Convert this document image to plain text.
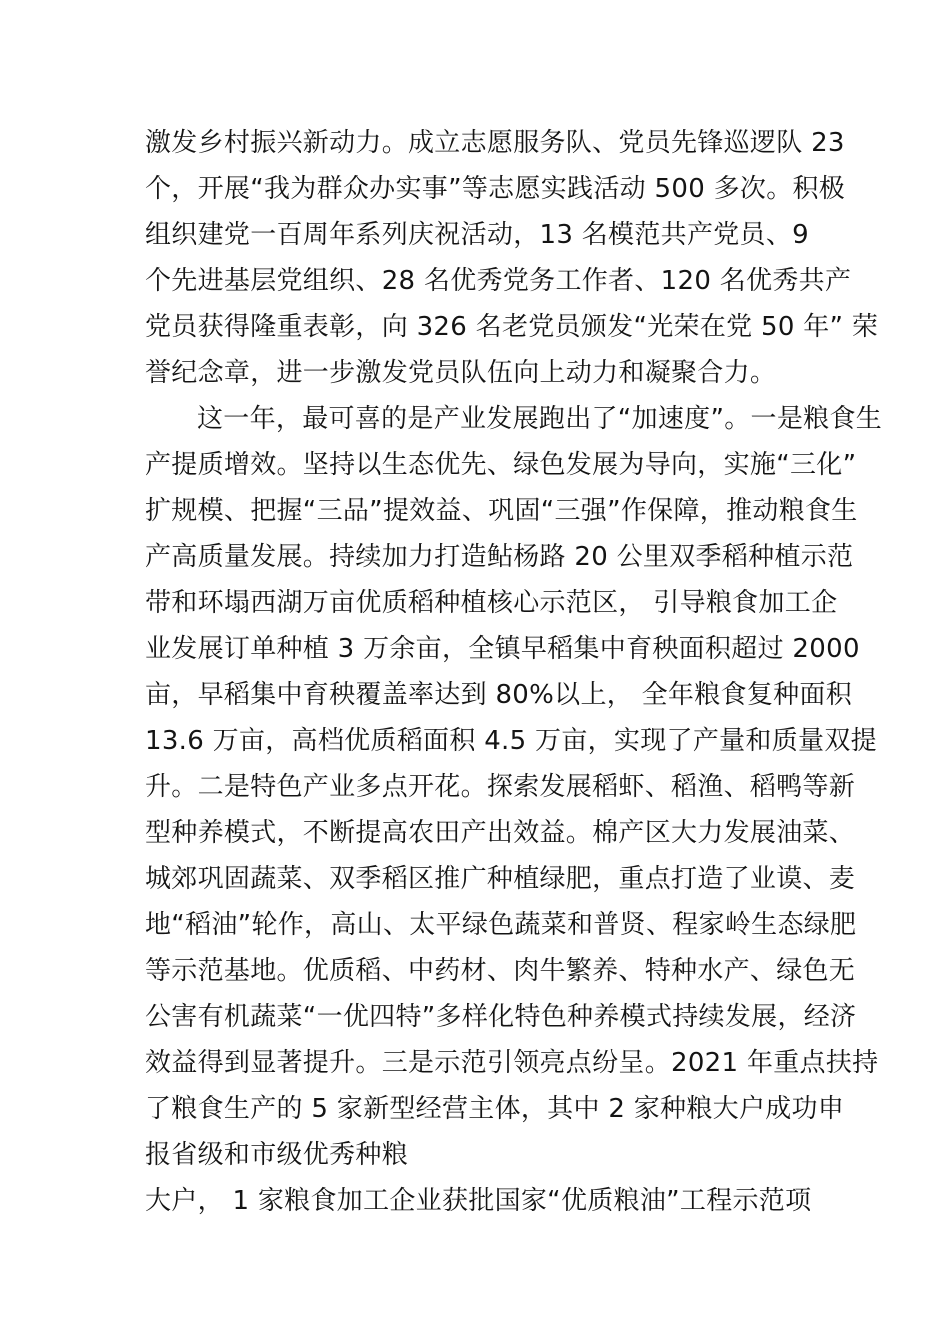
激发乡村振兴新动力。成立志愿服务队、党员先锋巡逻队 23
个，开展“我为群众办实事”等志愿实践活动 500 多次。积极
组织建党一百周年系列庆祝活动，13 名模范共产党员、9
个先进基层党组织、28 名优秀党务工作者、120 名优秀共产
党员获得隆重表彰，向 326 名老党员颁发“光荣在党 50 年” 荣
誉纪念章，进一步激发党员队伍向上动力和凝聚合力。
这一年，最可喜的是产业发展跑出了“加速度”。一是粮食生
产提质增效。坚持以生态优先、绿色发展为导向，实施“三化”
扩规模、把握“三品”提效益、巩固“三强”作保障，推动粮食生
产高质量发展。持续加力打造鲇杨路 20 公里双季稻种植示范
带和环塌西湖万亩优质稻种植核心示范区， 引导粮食加工企
业发展订单种植 3 万余亩，全镇早稻集中育秧面积超过 2000
亩，早稻集中育秧覆盖率达到 80%以上， 全年粮食复种面积
13.6 万亩，高档优质稻面积 4.5 万亩，实现了产量和质量双提
升。二是特色产业多点开花。探索发展稻虾、稻渔、稻鸭等新
型种养模式，不断提高农田产出效益。棉产区大力发展油菜、
城郊巩固蔬菜、双季稻区推广种植绿肥，重点打造了业谟、麦
地“稻油”轮作，高山、太平绿色蔬菜和普贤、程家岭生态绿肥
等示范基地。优质稻、中药材、肉牛繁养、特种水产、绿色无
公害有机蔬菜“一优四特”多样化特色种养模式持续发展，经济
效益得到显著提升。三是示范引领亮点纷呈。2021 年重点扶持
了粮食生产的 5 家新型经营主体，其中 2 家种粮大户成功申
报省级和市级优秀种粮
大户， 1 家粮食加工企业获批国家“优质粮油”工程示范项
